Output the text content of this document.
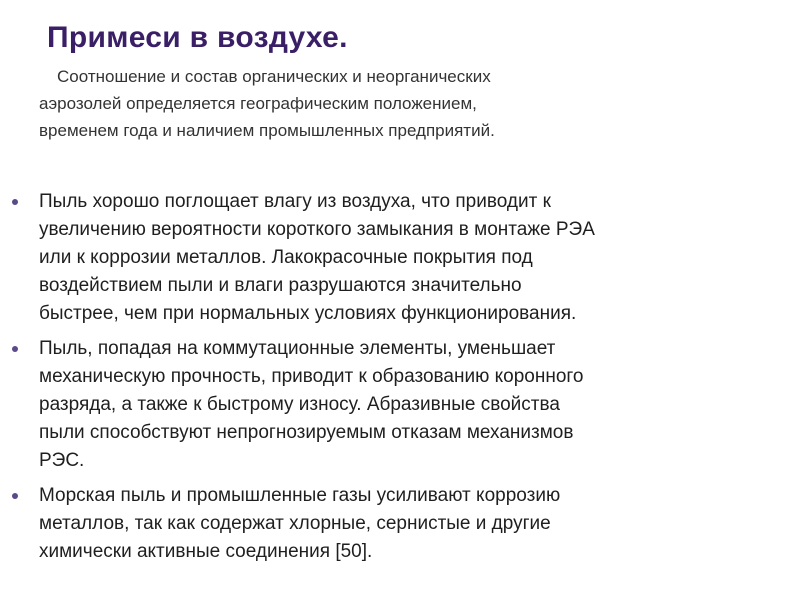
Примеси в воздухе.

Соотношение и состав органических и неорганических
аэрозолей определяется географическим положением,
временем года и наличием промышленных предприятий.

Пыль хорошо поглощает влагу из воздуха, что приводит к
увеличению вероятности короткого замыкания в монтаже РЭА
или к коррозии металлов. Лакокрасочные покрытия под
воздействием пыли и влаги разрушаются значительно
быстрее, чем при нормальных условиях функционирования.
Пыль, попадая на коммутационные элементы, уменьшает
механическую прочность, приводит к образованию коронного
разряда, а также к быстрому износу. Абразивные свойства
пыли способствуют непрогнозируемым отказам механизмов
РЭС.
Морская пыль и промышленные газы усиливают коррозию
металлов, так как содержат хлорные, сернистые и другие
химически активные соединения [50].
